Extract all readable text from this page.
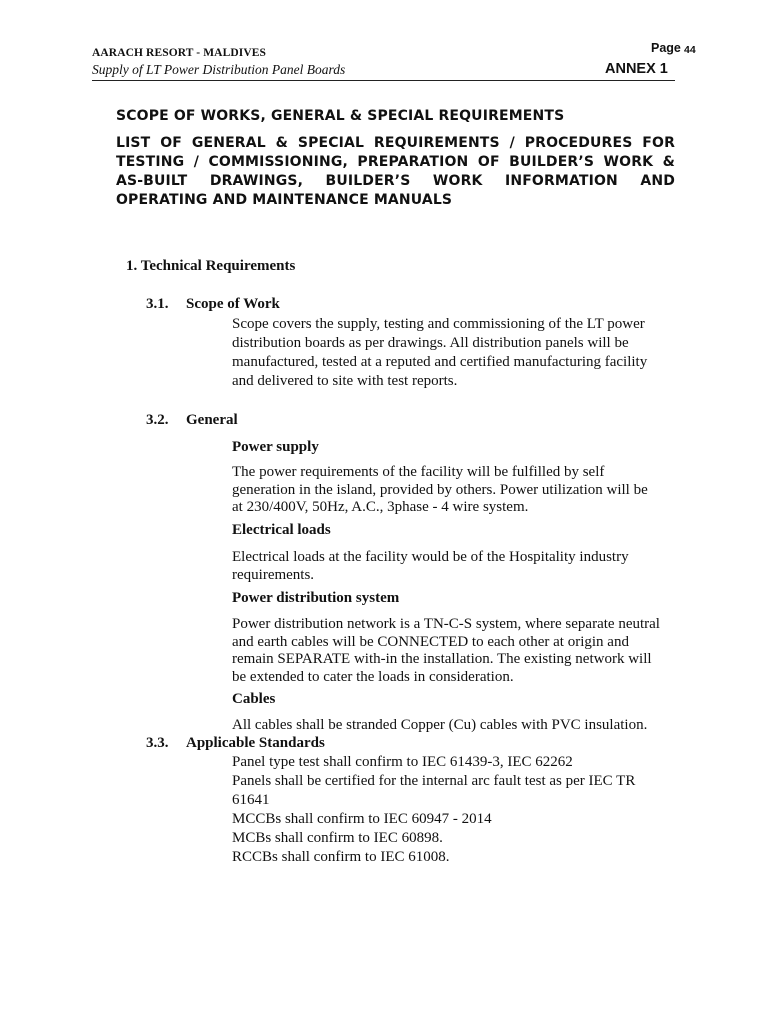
AARACH RESORT - MALDIVES
Supply of LT Power Distribution Panel Boards
Page 44
ANNEX 1
SCOPE OF WORKS, GENERAL & SPECIAL REQUIREMENTS
LIST OF GENERAL & SPECIAL REQUIREMENTS / PROCEDURES FOR TESTING / COMMISSIONING, PREPARATION OF BUILDER’S WORK & AS-BUILT DRAWINGS, BUILDER’S WORK INFORMATION AND OPERATING AND MAINTENANCE MANUALS
1. Technical Requirements
3.1. Scope of Work
Scope covers the supply, testing and commissioning of the LT power
distribution boards as per drawings. All distribution panels will be
manufactured, tested at a reputed and certified manufacturing facility
and delivered to site with test reports.
3.2. General
Power supply
The power requirements of the facility will be fulfilled by self
generation in the island, provided by others. Power utilization will be
at 230/400V, 50Hz, A.C., 3phase - 4 wire system.
Electrical loads
Electrical loads at the facility would be of the Hospitality industry
requirements.
Power distribution system
Power distribution network is a TN-C-S system, where separate neutral
and earth cables will be CONNECTED to each other at origin and
remain SEPARATE with-in the installation. The existing network will
be extended to cater the loads in consideration.
Cables
All cables shall be stranded Copper (Cu) cables with PVC insulation.
3.3. Applicable Standards
Panel type test shall confirm to IEC 61439-3, IEC 62262
Panels shall be certified for the internal arc fault test as per IEC TR
61641
MCCBs shall confirm to IEC 60947 - 2014
MCBs shall confirm to IEC 60898.
RCCBs shall confirm to IEC 61008.
